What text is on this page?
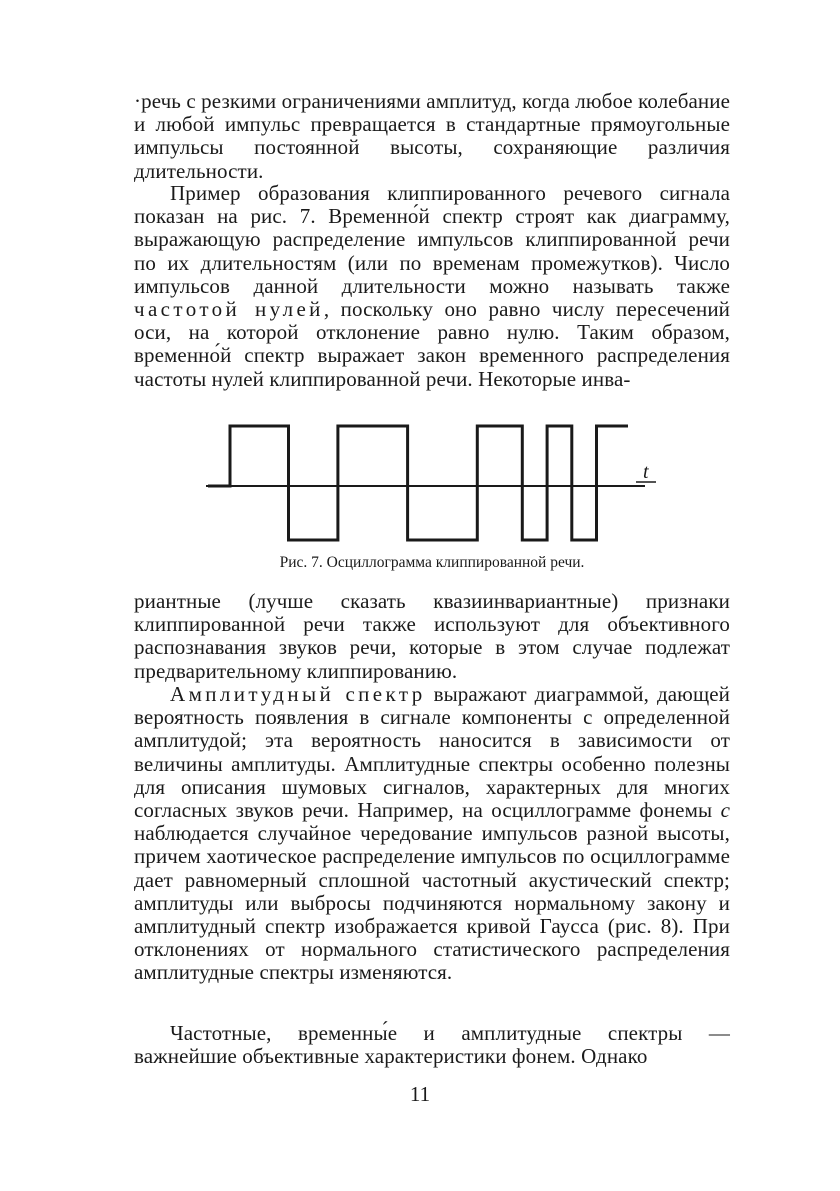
·речь с резкими ограничениями амплитуд, когда любое колебание и любой импульс превращается в стандартные прямоугольные импульсы постоянной высоты, сохраняющие различия длительности.

Пример образования клиппированного речевого сигнала показан на рис. 7. Временно́й спектр строят как диаграмму, выражающую распределение импульсов клиппированной речи по их длительностям (или по временам промежутков). Число импульсов данной длительности можно называть также частотой нулей, поскольку оно равно числу пересечений оси, на которой отклонение равно нулю. Таким образом, временно́й спектр выражает закон временного распределения частоты нулей клиппированной речи. Некоторые инва-

t
Рис. 7. Осциллограмма клиппированной речи.

риантные (лучше сказать квазиинвариантные) признаки клиппированной речи также используют для объективного распознавания звуков речи, которые в этом случае подлежат предварительному клиппированию.

Амплитудный спектр выражают диаграммой, дающей вероятность появления в сигнале компоненты с определенной амплитудой; эта вероятность наносится в зависимости от величины амплитуды. Амплитудные спектры особенно полезны для описания шумовых сигналов, характерных для многих согласных звуков речи. Например, на осциллограмме фонемы с наблюдается случайное чередование импульсов разной высоты, причем хаотическое распределение импульсов по осциллограмме дает равномерный сплошной частотный акустический спектр; амплитуды или выбросы подчиняются нормальному закону и амплитудный спектр изображается кривой Гаусса (рис. 8). При отклонениях от нормального статистического распределения амплитудные спектры изменяются.

Частотные, временны́е и амплитудные спектры — важнейшие объективные характеристики фонем. Однако

11
